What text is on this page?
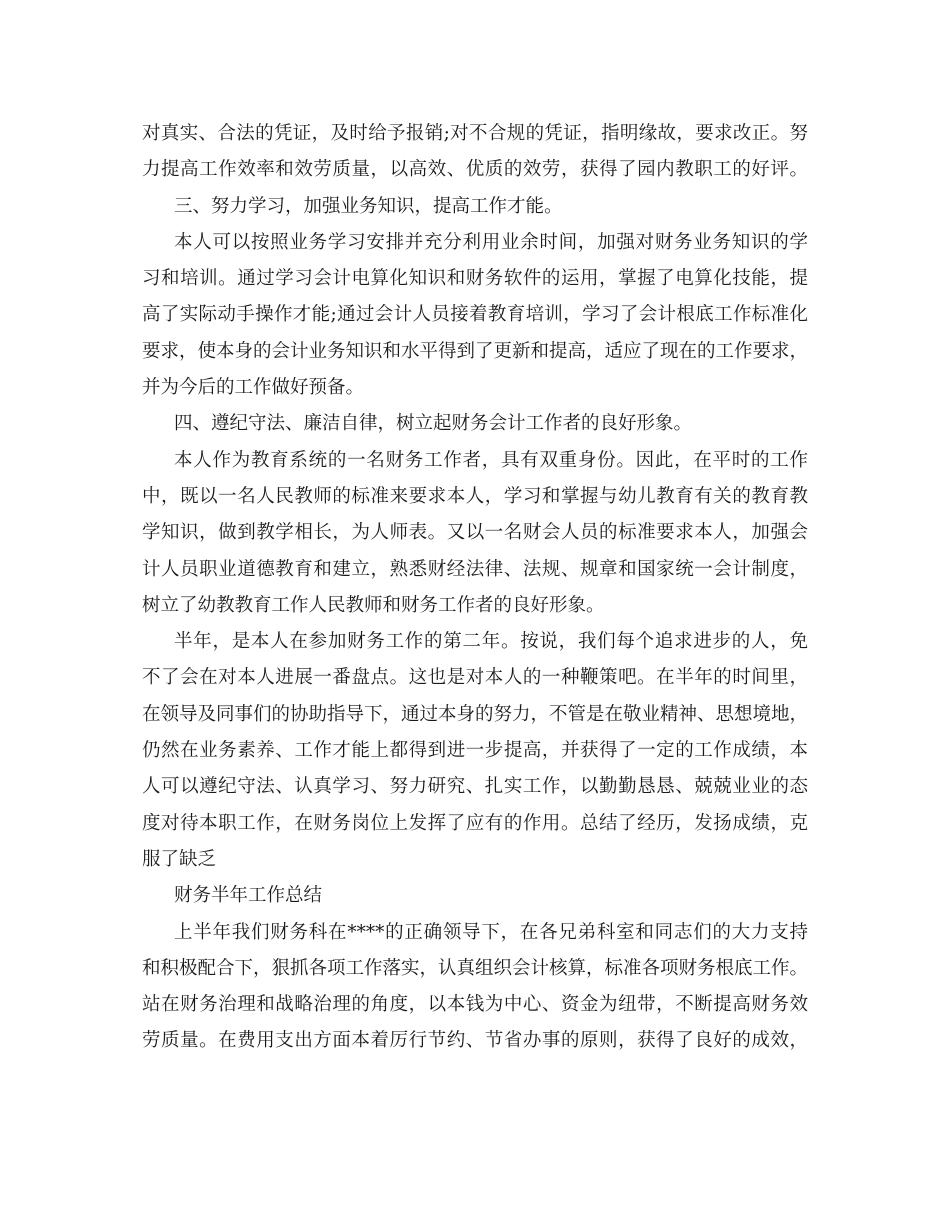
对真实、合法的凭证，及时给予报销;对不合规的凭证，指明缘故，要求改正。努
力提高工作效率和效劳质量，以高效、优质的效劳，获得了园内教职工的好评。
三、努力学习，加强业务知识，提高工作才能。
本人可以按照业务学习安排并充分利用业余时间，加强对财务业务知识的学
习和培训。通过学习会计电算化知识和财务软件的运用，掌握了电算化技能，提
高了实际动手操作才能;通过会计人员接着教育培训，学习了会计根底工作标准化
要求，使本身的会计业务知识和水平得到了更新和提高，适应了现在的工作要求，
并为今后的工作做好预备。
四、遵纪守法、廉洁自律，树立起财务会计工作者的良好形象。
本人作为教育系统的一名财务工作者，具有双重身份。因此，在平时的工作
中，既以一名人民教师的标准来要求本人，学习和掌握与幼儿教育有关的教育教
学知识，做到教学相长，为人师表。又以一名财会人员的标准要求本人，加强会
计人员职业道德教育和建立，熟悉财经法律、法规、规章和国家统一会计制度，
树立了幼教教育工作人民教师和财务工作者的良好形象。
半年，是本人在参加财务工作的第二年。按说，我们每个追求进步的人，免
不了会在对本人进展一番盘点。这也是对本人的一种鞭策吧。在半年的时间里，
在领导及同事们的协助指导下，通过本身的努力，不管是在敬业精神、思想境地，
仍然在业务素养、工作才能上都得到进一步提高，并获得了一定的工作成绩，本
人可以遵纪守法、认真学习、努力研究、扎实工作，以勤勤恳恳、兢兢业业的态
度对待本职工作，在财务岗位上发挥了应有的作用。总结了经历，发扬成绩，克
服了缺乏
财务半年工作总结
上半年我们财务科在****的正确领导下，在各兄弟科室和同志们的大力支持
和积极配合下，狠抓各项工作落实，认真组织会计核算，标准各项财务根底工作。
站在财务治理和战略治理的角度，以本钱为中心、资金为纽带，不断提高财务效
劳质量。在费用支出方面本着厉行节约、节省办事的原则，获得了良好的成效，
